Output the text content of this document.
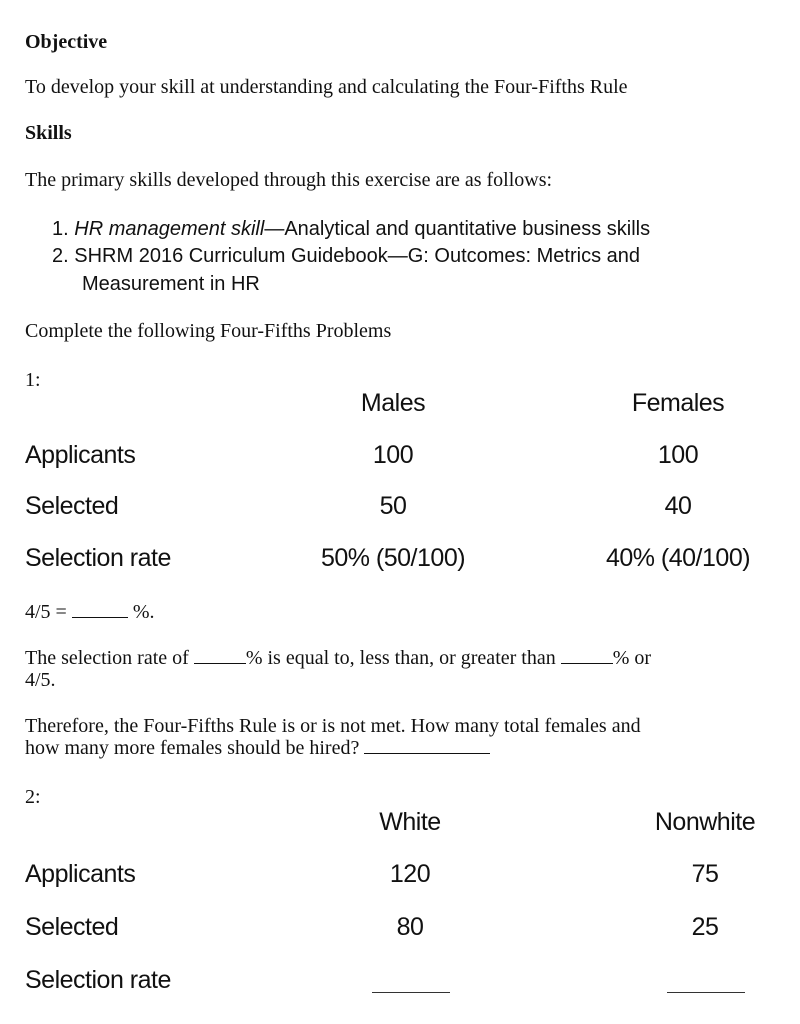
Objective
To develop your skill at understanding and calculating the Four-Fifths Rule
Skills
The primary skills developed through this exercise are as follows:
1. HR management skill—Analytical and quantitative business skills
2. SHRM 2016 Curriculum Guidebook—G: Outcomes: Metrics and
Measurement in HR
Complete the following Four-Fifths Problems
1:
Males	Females
Applicants	100	100
Selected	50	40
Selection rate	50% (50/100)	40% (40/100)
4/5 =	%.
The selection rate of	% is equal to, less than, or greater than	% or
4/5.
Therefore, the Four-Fifths Rule is or is not met. How many total females and
how many more females should be hired?
2:
White	Nonwhite
Applicants	120	75
Selected	80	25
Selection rate
